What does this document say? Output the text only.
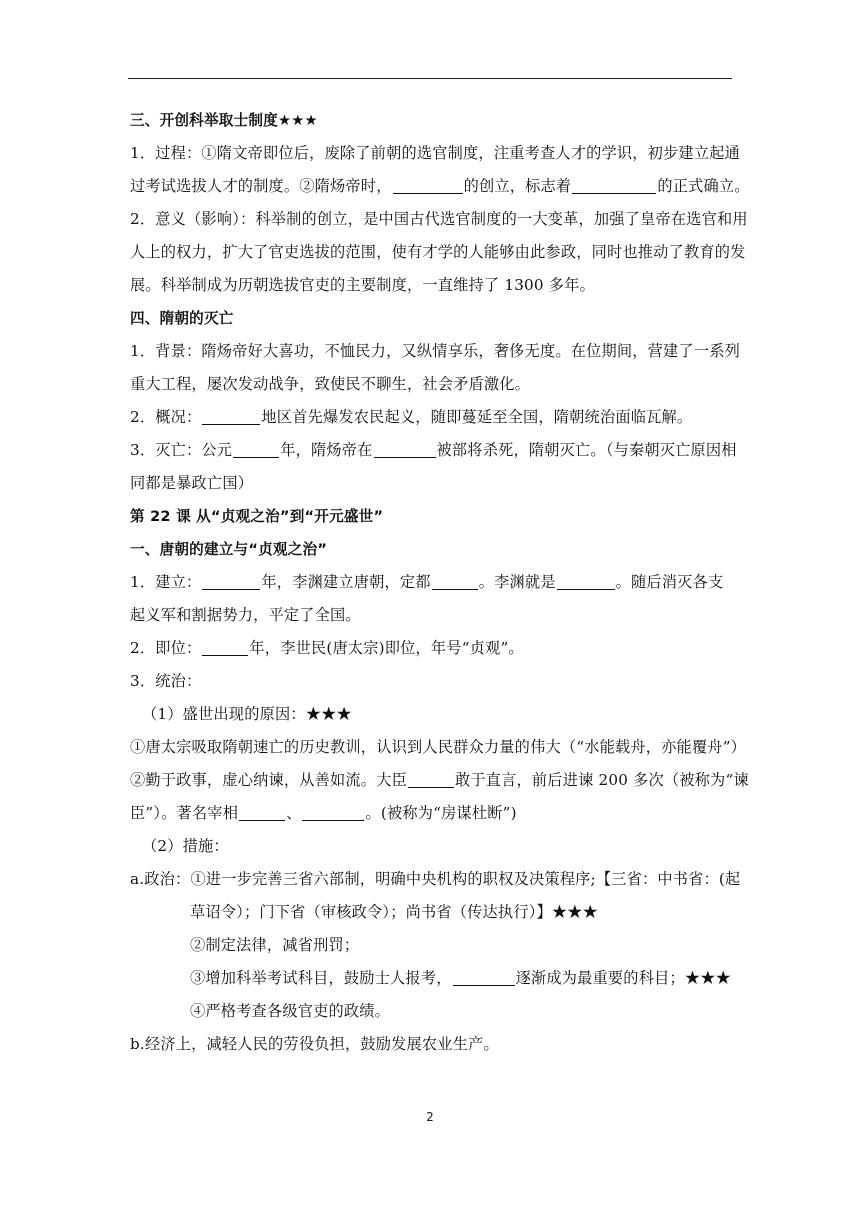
三、开创科举取士制度★★★
1．过程：①隋文帝即位后，废除了前朝的选官制度，注重考查人才的学识，初步建立起通
过考试选拔人才的制度。②隋炀帝时，	的创立，标志着	的正式确立。
2．意义（影响）：科举制的创立，是中国古代选官制度的一大变革，加强了皇帝在选官和用
人上的权力，扩大了官吏选拔的范围，使有才学的人能够由此参政，同时也推动了教育的发
展。科举制成为历朝选拔官吏的主要制度，一直维持了 1300 多年。
四、隋朝的灭亡
1．背景：隋炀帝好大喜功，不恤民力，又纵情享乐，奢侈无度。在位期间，营建了一系列
重大工程，屡次发动战争，致使民不聊生，社会矛盾激化。
2．概况：	地区首先爆发农民起义，随即蔓延至全国，隋朝统治面临瓦解。
3．灭亡：公元	年，隋炀帝在	被部将杀死，隋朝灭亡。（与秦朝灭亡原因相
同都是暴政亡国）
第 22 课 从“贞观之治”到“开元盛世”
一、唐朝的建立与“贞观之治”
1．建立：	年，李渊建立唐朝，定都	。李渊就是	。随后消灭各支
起义军和割据势力，平定了全国。
2．即位：	年，李世民(唐太宗)即位，年号“贞观”。
3．统治：
（1）盛世出现的原因：★★★
①唐太宗吸取隋朝速亡的历史教训，认识到人民群众力量的伟大（“水能载舟，亦能覆舟”）
②勤于政事，虚心纳谏，从善如流。大臣	敢于直言，前后进谏 200 多次（被称为“谏
臣”）。著名宰相	、	。(被称为“房谋杜断”)
（2）措施：
a.政治：①进一步完善三省六部制，明确中央机构的职权及决策程序;【三省：中书省：(起
草诏令）；门下省（审核政令）；尚书省（传达执行）】★★★
②制定法律，减省刑罚；
③增加科举考试科目，鼓励士人报考，	逐渐成为最重要的科目；★★★
④严格考查各级官吏的政绩。
b.经济上，减轻人民的劳役负担，鼓励发展农业生产。
2
